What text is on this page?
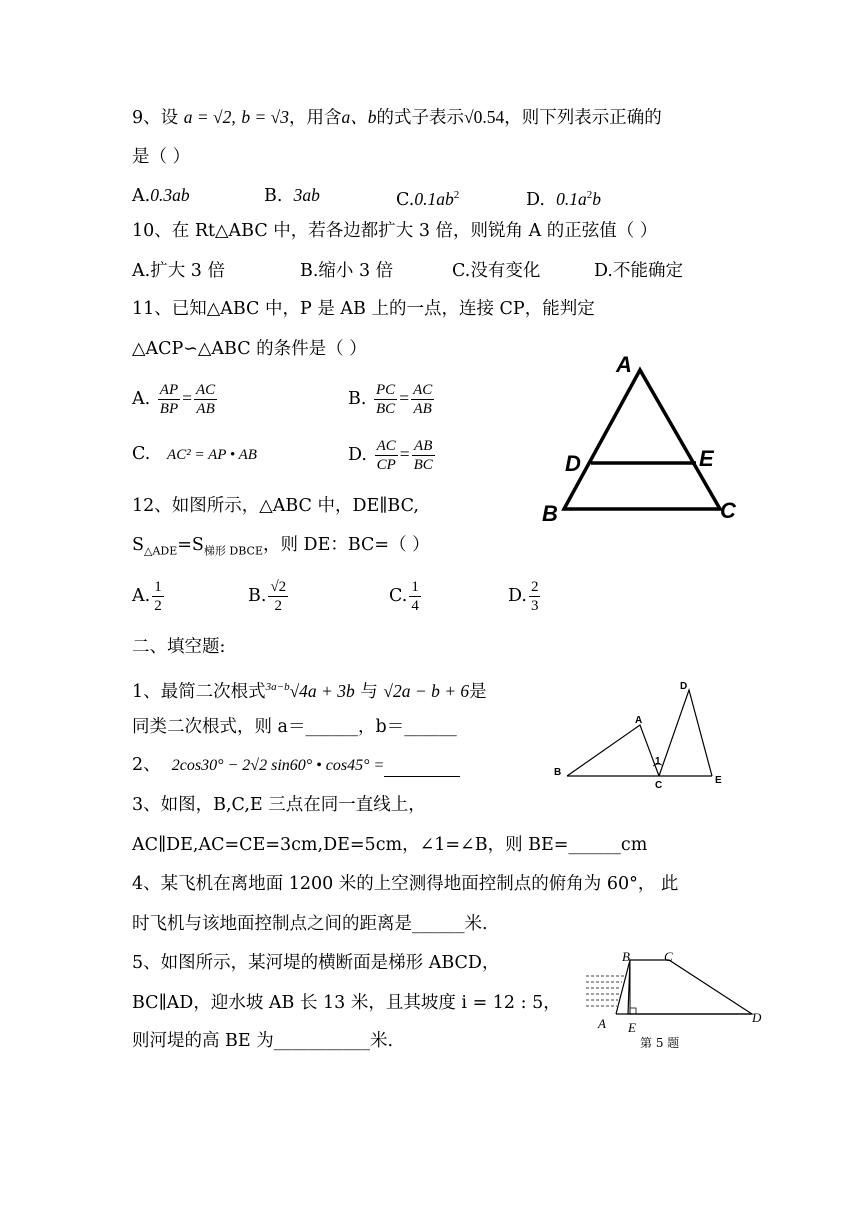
9、设 a = √2, b = √3，用含a、b的式子表示√0.54，则下列表示正确的
是（ ）
A.0.3ab	B. 3ab	$C.0.1ab^2$	D. $0.1a^2b$
10、在 Rt△ABC 中，若各边都扩大 3 倍，则锐角 A 的正弦值（ ）
A.扩大 3 倍	B.缩小 3 倍	C.没有变化	D.不能确定
11、已知△ABC 中，P 是 AB 上的一点，连接 CP，能判定
△ACP∽△ABC 的条件是（ ）
A. $\frac{AP}{BP} = \frac{AC}{AB}$	B. $\frac{PC}{BC} = \frac{AC}{AB}$
C. AC² = AP • AB	D. $\frac{AC}{CP} = \frac{AB}{BC}$
A
D	E
B	C
12、如图所示，△ABC 中，DE∥BC,
$S_{\triangle ADE}=S_{梯形 DBCE}$，则 DE：BC=（ ）
A. $\frac{1}{2}$	B. $\frac{√2}{2}$	C. $\frac{1}{4}$	D. $\frac{2}{3}$
二、填空题:
1、最简二次根式$^{3a-b}$√4a + 3b 与 √2a − b + 6是
同类二次根式，则 a＝______，b＝______
2、 2cos30° − 2√2 sin60° • cos45° =	B
A
1
C
D
E
3、如图，B,C,E 三点在同一直线上，
AC∥DE,AC=CE=3cm,DE=5cm，∠1=∠B，则 BE=______cm
4、某飞机在离地面 1200 米的上空测得地面控制点的俯角为 60°， 此
时飞机与该地面控制点之间的距离是______米.
5、如图所示，某河堤的横断面是梯形 ABCD，
BC∥AD，迎水坡 AB 长 13 米，且其坡度 i = 12 : 5，
则河堤的高 BE 为___________米.
B	C
A E
D
第 5 题
